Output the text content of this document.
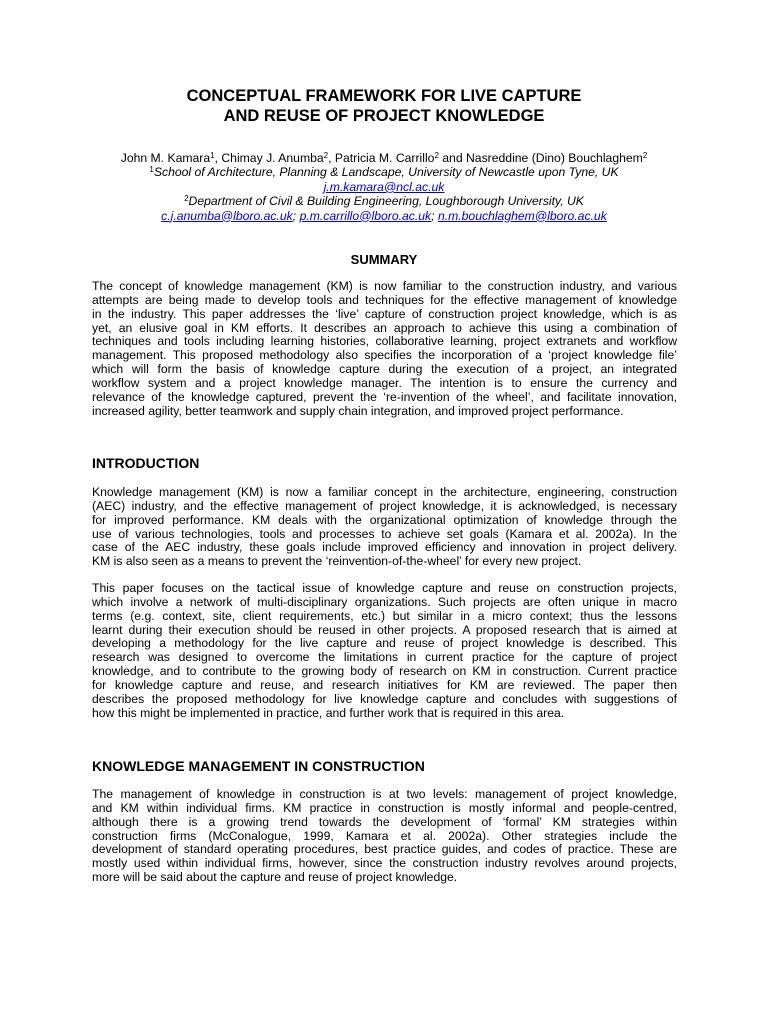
CONCEPTUAL FRAMEWORK FOR LIVE CAPTURE
AND REUSE OF PROJECT KNOWLEDGE
John M. Kamara$^1$, Chimay J. Anumba$^2$, Patricia M. Carrillo$^2$ and Nasreddine (Dino) Bouchlaghem$^2$
$^1$School of Architecture, Planning & Landscape, University of Newcastle upon Tyne, UK
j.m.kamara@ncl.ac.uk
$^2$Department of Civil & Building Engineering, Loughborough University, UK
c.j.anumba@lboro.ac.uk; p.m.carrillo@lboro.ac.uk; n.m.bouchlaghem@lboro.ac.uk
SUMMARY
The concept of knowledge management (KM) is now familiar to the construction industry, and various
attempts are being made to develop tools and techniques for the effective management of knowledge
in the industry. This paper addresses the ‘live’ capture of construction project knowledge, which is as
yet, an elusive goal in KM efforts. It describes an approach to achieve this using a combination of
techniques and tools including learning histories, collaborative learning, project extranets and workflow
management. This proposed methodology also specifies the incorporation of a ‘project knowledge file’
which will form the basis of knowledge capture during the execution of a project, an integrated
workflow system and a project knowledge manager. The intention is to ensure the currency and
relevance of the knowledge captured, prevent the ‘re-invention of the wheel’, and facilitate innovation,
increased agility, better teamwork and supply chain integration, and improved project performance.
INTRODUCTION
Knowledge management (KM) is now a familiar concept in the architecture, engineering, construction
(AEC) industry, and the effective management of project knowledge, it is acknowledged, is necessary
for improved performance. KM deals with the organizational optimization of knowledge through the
use of various technologies, tools and processes to achieve set goals (Kamara et al. 2002a). In the
case of the AEC industry, these goals include improved efficiency and innovation in project delivery.
KM is also seen as a means to prevent the ‘reinvention-of-the-wheel’ for every new project.
This paper focuses on the tactical issue of knowledge capture and reuse on construction projects,
which involve a network of multi-disciplinary organizations. Such projects are often unique in macro
terms (e.g. context, site, client requirements, etc.) but similar in a micro context; thus the lessons
learnt during their execution should be reused in other projects. A proposed research that is aimed at
developing a methodology for the live capture and reuse of project knowledge is described. This
research was designed to overcome the limitations in current practice for the capture of project
knowledge, and to contribute to the growing body of research on KM in construction. Current practice
for knowledge capture and reuse, and research initiatives for KM are reviewed. The paper then
describes the proposed methodology for live knowledge capture and concludes with suggestions of
how this might be implemented in practice, and further work that is required in this area.
KNOWLEDGE MANAGEMENT IN CONSTRUCTION
The management of knowledge in construction is at two levels: management of project knowledge,
and KM within individual firms. KM practice in construction is mostly informal and people-centred,
although there is a growing trend towards the development of ‘formal’ KM strategies within
construction firms (McConalogue, 1999, Kamara et al. 2002a). Other strategies include the
development of standard operating procedures, best practice guides, and codes of practice. These are
mostly used within individual firms, however, since the construction industry revolves around projects,
more will be said about the capture and reuse of project knowledge.
